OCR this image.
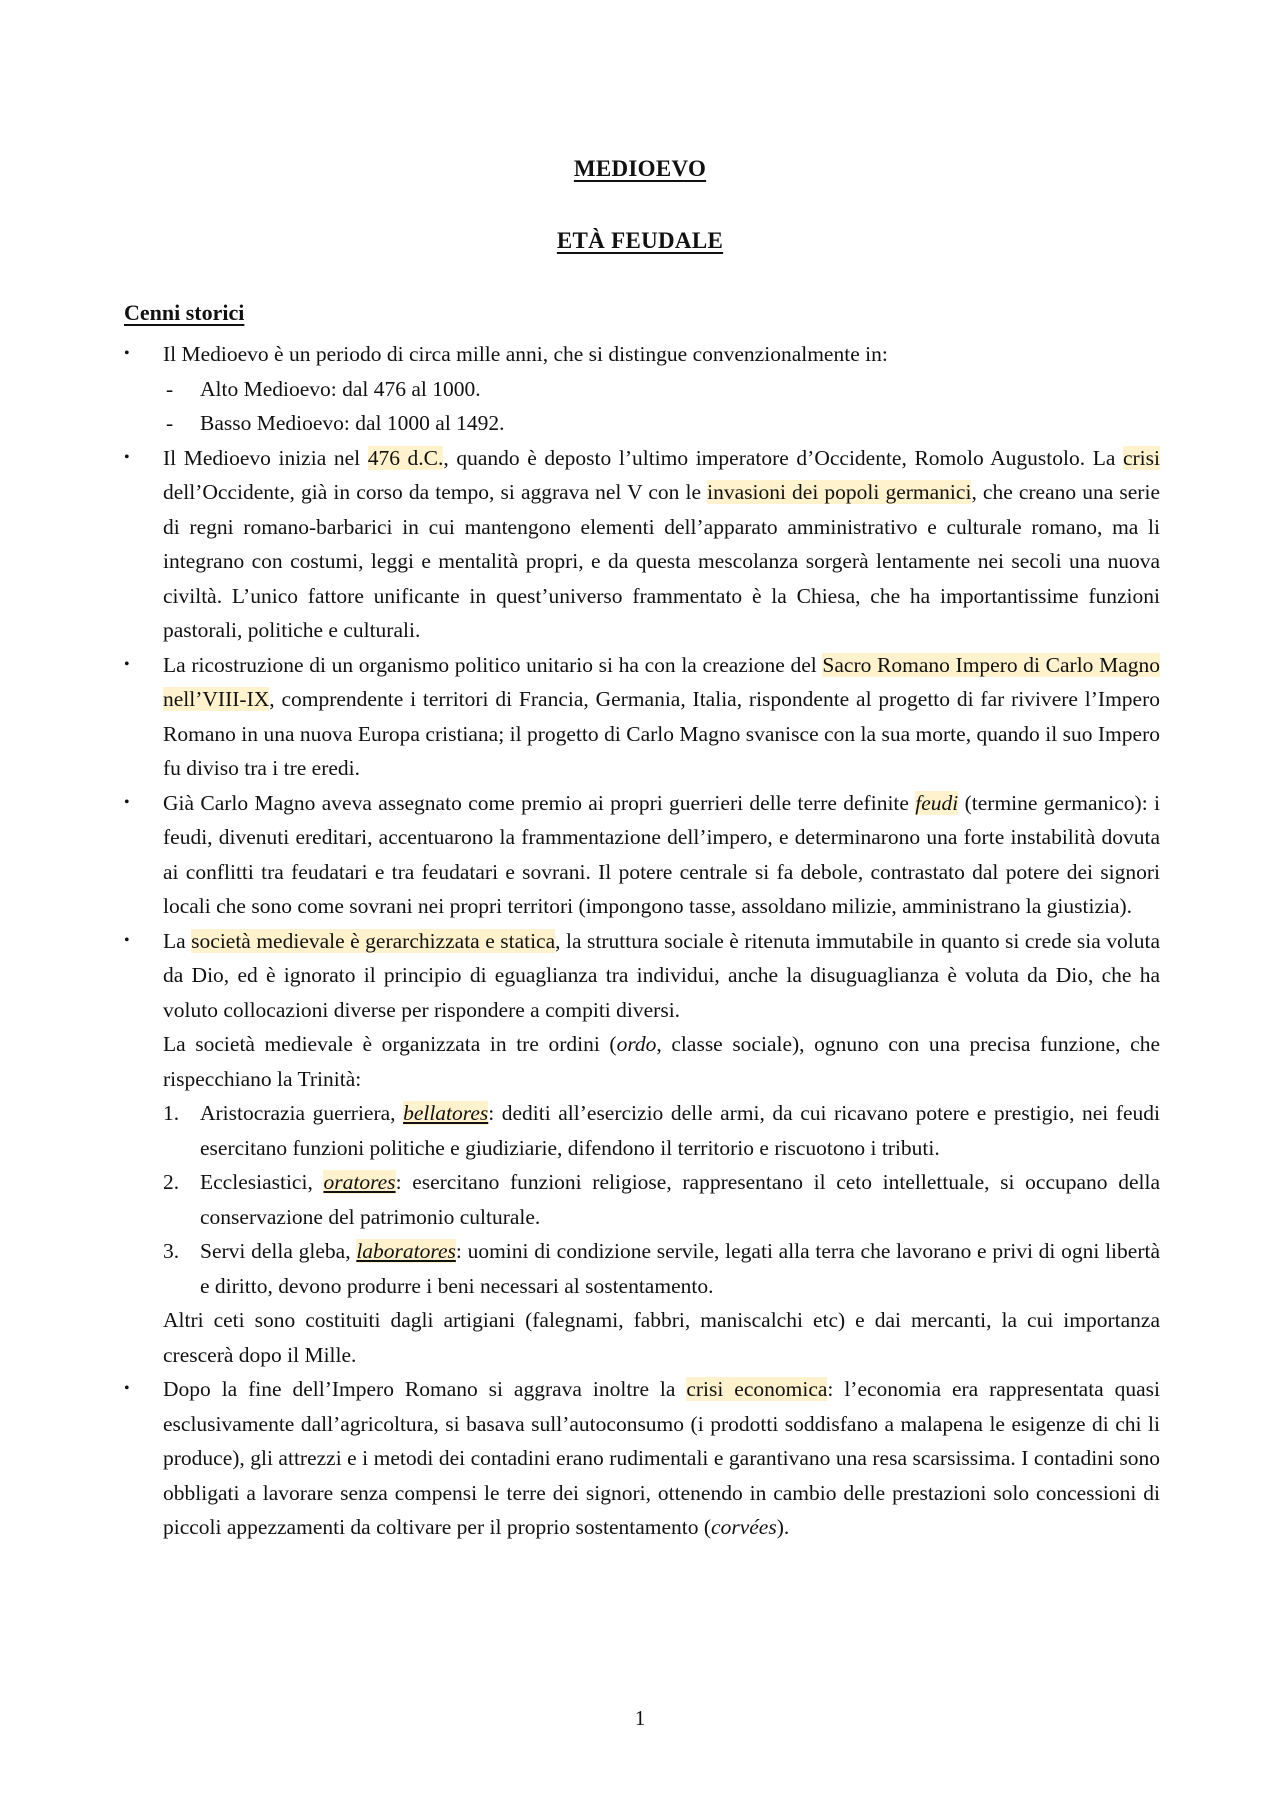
MEDIOEVO
ETÀ FEUDALE
Cenni storici
•	Il Medioevo è un periodo di circa mille anni, che si distingue convenzionalmente in:
- Alto Medioevo: dal 476 al 1000.
- Basso Medioevo: dal 1000 al 1492.
•	Il Medioevo inizia nel 476 d.C., quando è deposto l’ultimo imperatore d’Occidente, Romolo Augustolo. La crisi dell’Occidente, già in corso da tempo, si aggrava nel V con le invasioni dei popoli germanici, che creano una serie di regni romano-barbarici in cui mantengono elementi dell’apparato amministrativo e culturale romano, ma li integrano con costumi, leggi e mentalità propri, e da questa mescolanza sorgerà lentamente nei secoli una nuova civiltà. L’unico fattore unificante in quest’universo frammentato è la Chiesa, che ha importantissime funzioni pastorali, politiche e culturali.
•	La ricostruzione di un organismo politico unitario si ha con la creazione del Sacro Romano Impero di Carlo Magno nell’VIII-IX, comprendente i territori di Francia, Germania, Italia, rispondente al progetto di far rivivere l’Impero Romano in una nuova Europa cristiana; il progetto di Carlo Magno svanisce con la sua morte, quando il suo Impero fu diviso tra i tre eredi.
•	Già Carlo Magno aveva assegnato come premio ai propri guerrieri delle terre definite feudi (termine germanico): i feudi, divenuti ereditari, accentuarono la frammentazione dell’impero, e determinarono una forte instabilità dovuta ai conflitti tra feudatari e tra feudatari e sovrani. Il potere centrale si fa debole, contrastato dal potere dei signori locali che sono come sovrani nei propri territori (impongono tasse, assoldano milizie, amministrano la giustizia).
•	La società medievale è gerarchizzata e statica, la struttura sociale è ritenuta immutabile in quanto si crede sia voluta da Dio, ed è ignorato il principio di eguaglianza tra individui, anche la disuguaglianza è voluta da Dio, che ha voluto collocazioni diverse per rispondere a compiti diversi.
La società medievale è organizzata in tre ordini (ordo, classe sociale), ognuno con una precisa funzione, che rispecchiano la Trinità:
1. Aristocrazia guerriera, bellatores: dediti all’esercizio delle armi, da cui ricavano potere e prestigio, nei feudi esercitano funzioni politiche e giudiziarie, difendono il territorio e riscuotono i tributi.
2. Ecclesiastici, oratores: esercitano funzioni religiose, rappresentano il ceto intellettuale, si occupano della conservazione del patrimonio culturale.
3. Servi della gleba, laboratores: uomini di condizione servile, legati alla terra che lavorano e privi di ogni libertà e diritto, devono produrre i beni necessari al sostentamento.
Altri ceti sono costituiti dagli artigiani (falegnami, fabbri, maniscalchi etc) e dai mercanti, la cui importanza crescerà dopo il Mille.
•	Dopo la fine dell’Impero Romano si aggrava inoltre la crisi economica: l’economia era rappresentata quasi esclusivamente dall’agricoltura, si basava sull’autoconsumo (i prodotti soddisfano a malapena le esigenze di chi li produce), gli attrezzi e i metodi dei contadini erano rudimentali e garantivano una resa scarsissima. I contadini sono obbligati a lavorare senza compensi le terre dei signori, ottenendo in cambio delle prestazioni solo concessioni di piccoli appezzamenti da coltivare per il proprio sostentamento (corvées).
1
